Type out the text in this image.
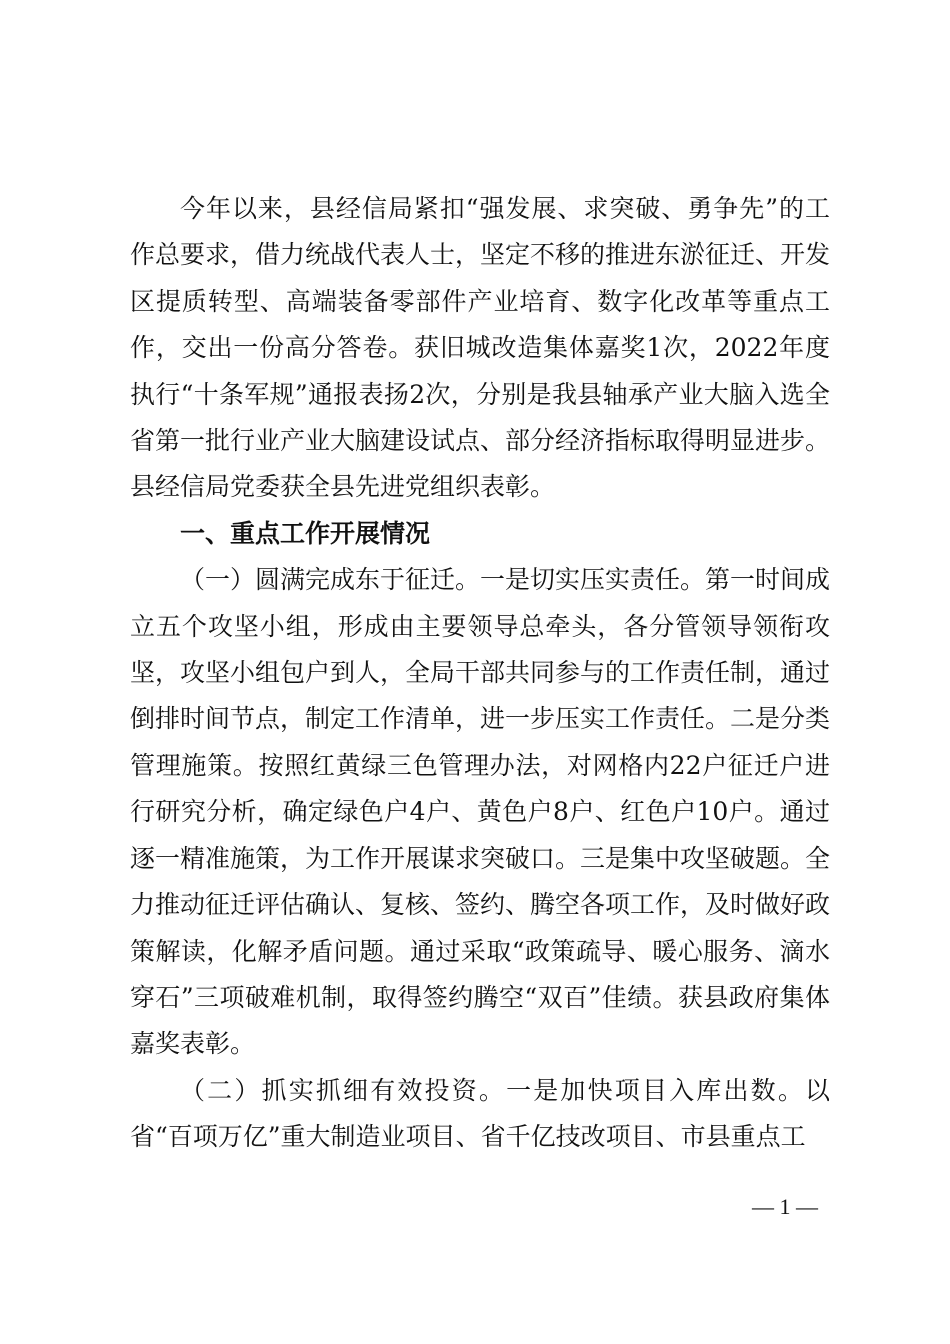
今年以来，县经信局紧扣“强发展、求突破、勇争先”的工作总要求，借力统战代表人士，坚定不移的推进东淤征迁、开发区提质转型、高端装备零部件产业培育、数字化改革等重点工作，交出一份高分答卷。获旧城改造集体嘉奖1次，2022年度执行“十条军规”通报表扬2次，分别是我县轴承产业大脑入选全省第一批行业产业大脑建设试点、部分经济指标取得明显进步。县经信局党委获全县先进党组织表彰。

一、重点工作开展情况

（一）圆满完成东于征迁。一是切实压实责任。第一时间成立五个攻坚小组，形成由主要领导总牵头，各分管领导领衔攻坚，攻坚小组包户到人，全局干部共同参与的工作责任制，通过倒排时间节点，制定工作清单，进一步压实工作责任。二是分类管理施策。按照红黄绿三色管理办法，对网格内22户征迁户进行研究分析，确定绿色户4户、黄色户8户、红色户10户。通过逐一精准施策，为工作开展谋求突破口。三是集中攻坚破题。全力推动征迁评估确认、复核、签约、腾空各项工作，及时做好政策解读，化解矛盾问题。通过采取“政策疏导、暖心服务、滴水穿石”三项破难机制，取得签约腾空“双百”佳绩。获县政府集体嘉奖表彰。

（二）抓实抓细有效投资。一是加快项目入库出数。以省“百项万亿”重大制造业项目、省千亿技改项目、市县重点工

— 1 —
